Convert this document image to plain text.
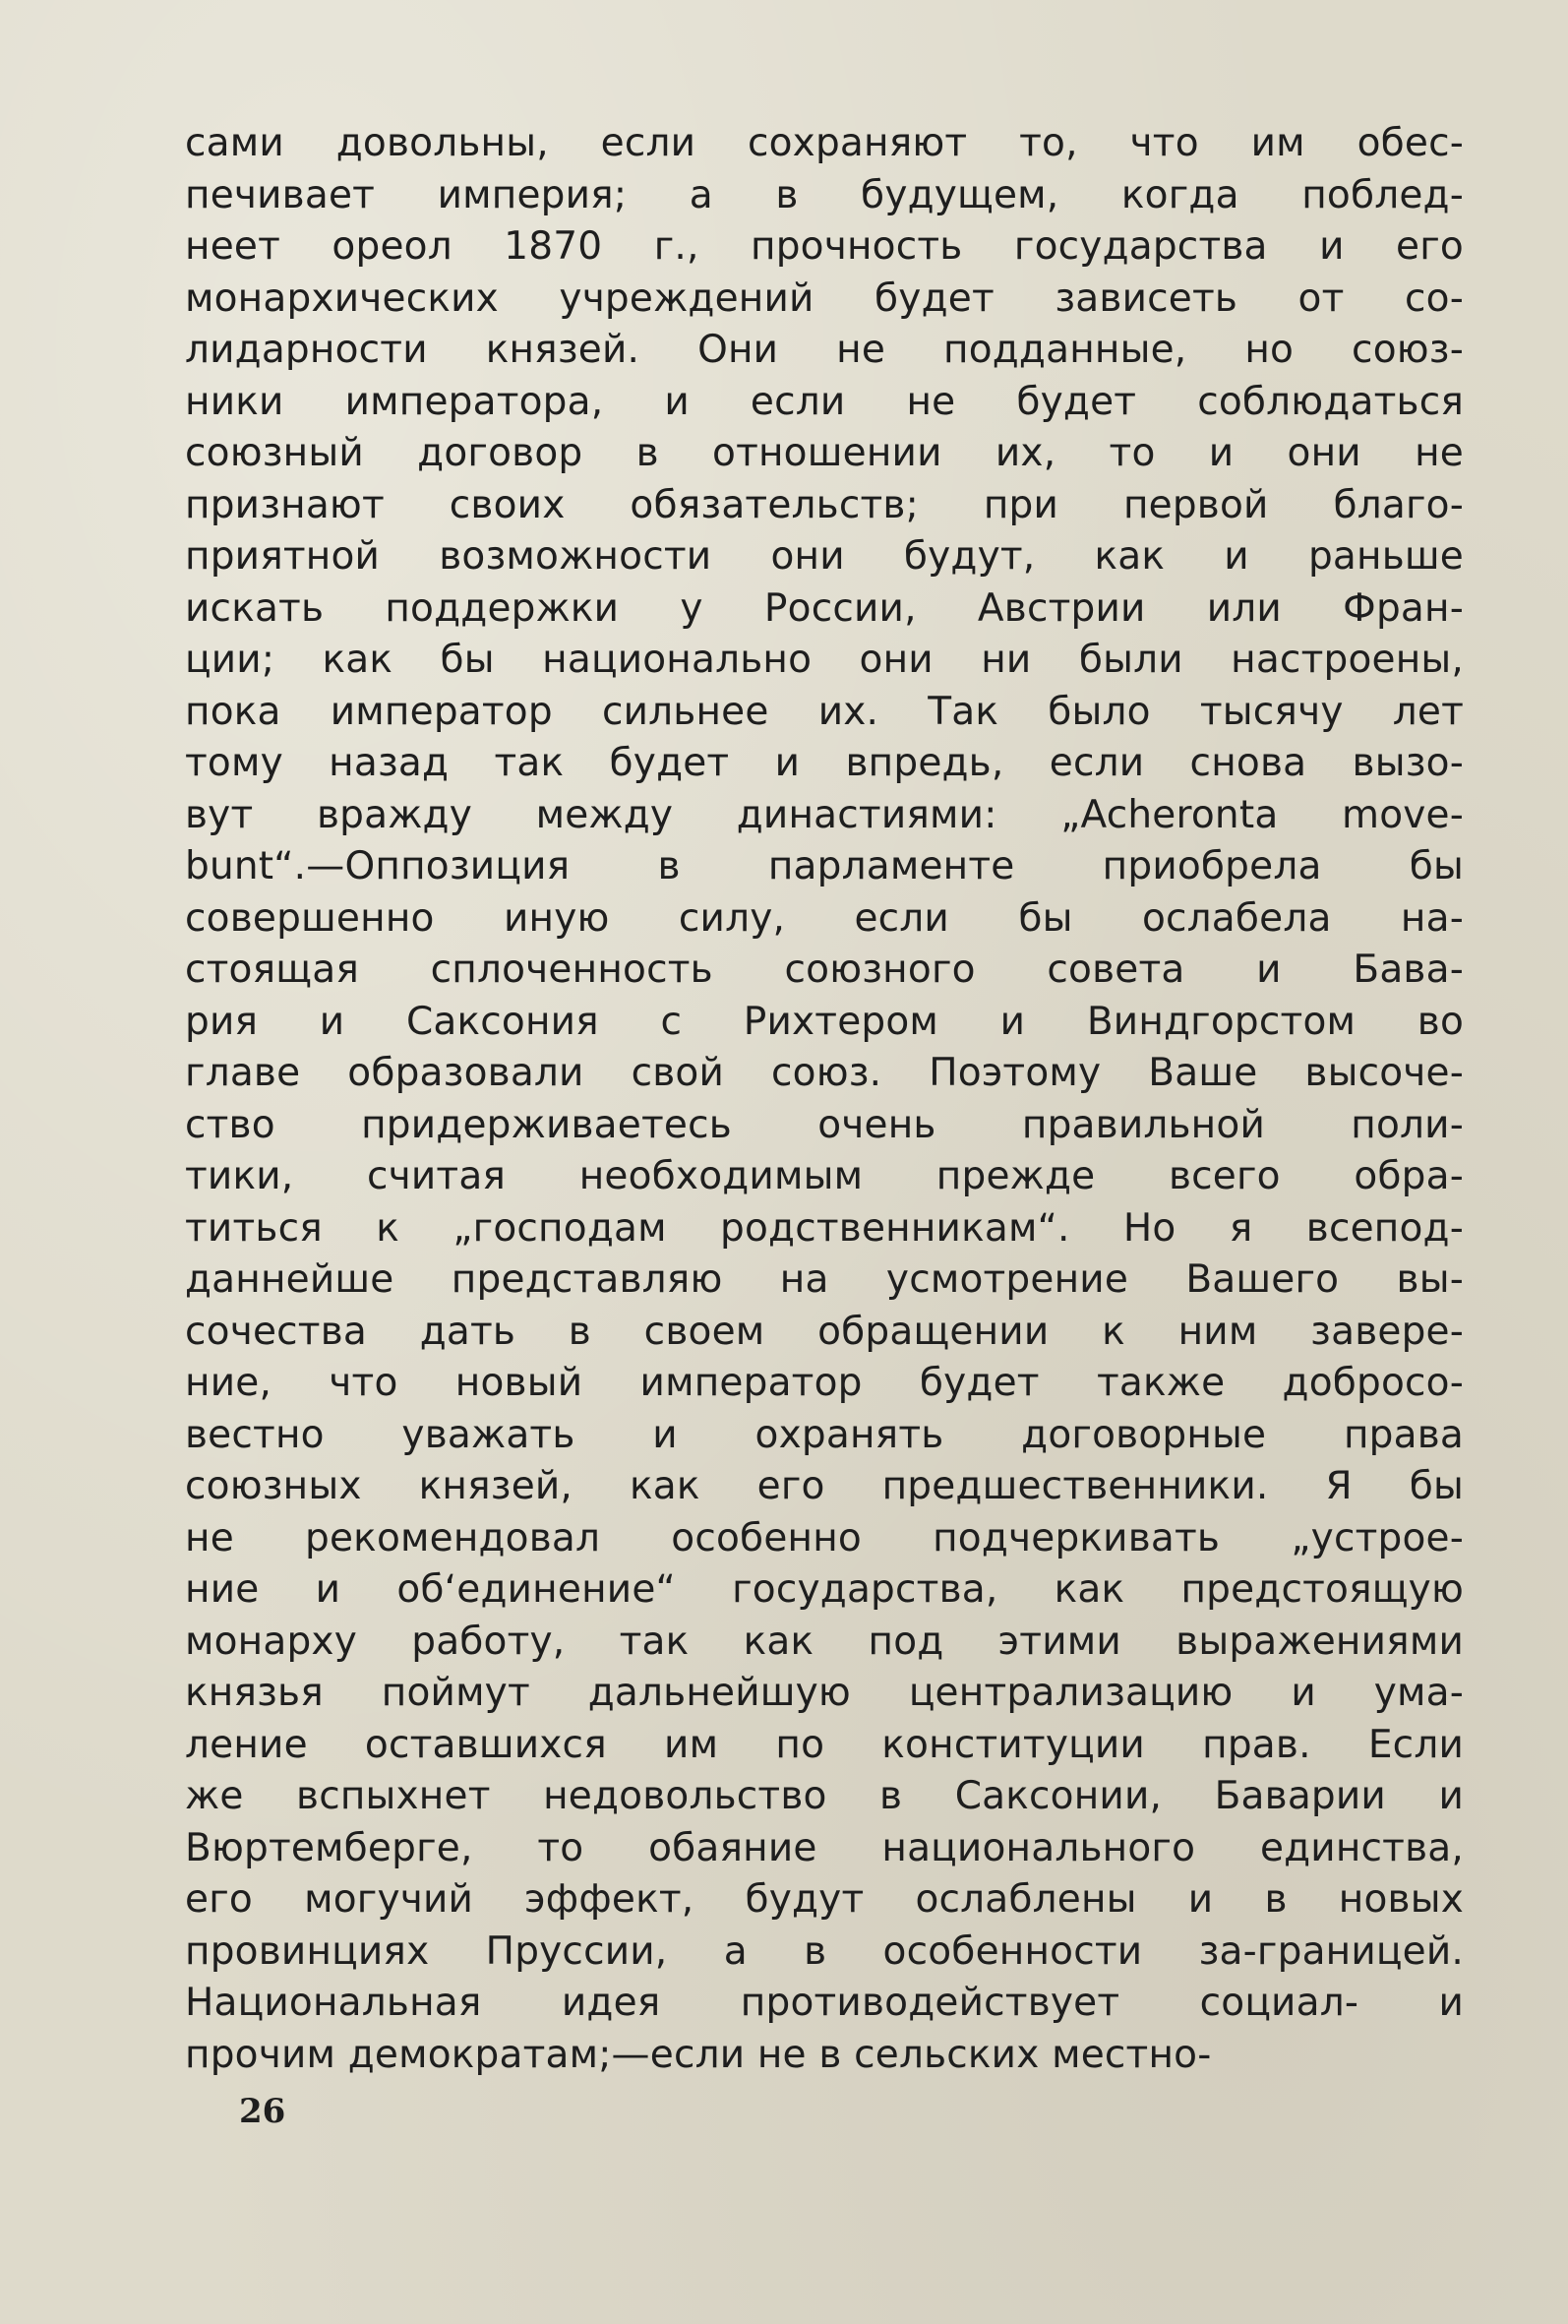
сами довольны, если сохраняют то, что им обес-
печивает империя; а в будущем, когда поблед-
неет ореол 1870 г., прочность государства и его
монархических учреждений будет зависеть от со-
лидарности князей. Они не подданные, но союз-
ники императора, и если не будет соблюдаться
союзный договор в отношении их, то и они не
признают своих обязательств; при первой благо-
приятной возможности они будут, как и раньше
искать поддержки у России, Австрии или Фран-
ции; как бы национально они ни были настроены,
пока император сильнее их. Так было тысячу лет
тому назад так будет и впредь, если снова вызо-
вут вражду между династиями: „Acheronta move-
bunt“.—Оппозиция в парламенте приобрела бы
совершенно иную силу, если бы ослабела на-
стоящая сплоченность союзного совета и Бава-
рия и Саксония с Рихтером и Виндгорстом во
главе образовали свой союз. Поэтому Ваше высоче-
ство придерживаетесь очень правильной поли-
тики, считая необходимым прежде всего обра-
титься к „господам родственникам“. Но я всепод-
даннейше представляю на усмотрение Вашего вы-
сочества дать в своем обращении к ним завере-
ние, что новый император будет также добросо-
вестно уважать и охранять договорные права
союзных князей, как его предшественники. Я бы
не рекомендовал особенно подчеркивать „устрое-
ние и об‘единение“ государства, как предстоящую
монарху работу, так как под этими выражениями
князья поймут дальнейшую централизацию и ума-
ление оставшихся им по конституции прав. Если
же вспыхнет недовольство в Саксонии, Баварии и
Вюртемберге, то обаяние национального единства,
его могучий эффект, будут ослаблены и в новых
провинциях Пруссии, а в особенности за-границей.
Национальная идея противодействует социал- и
прочим демократам;—если не в сельских местно-
26
